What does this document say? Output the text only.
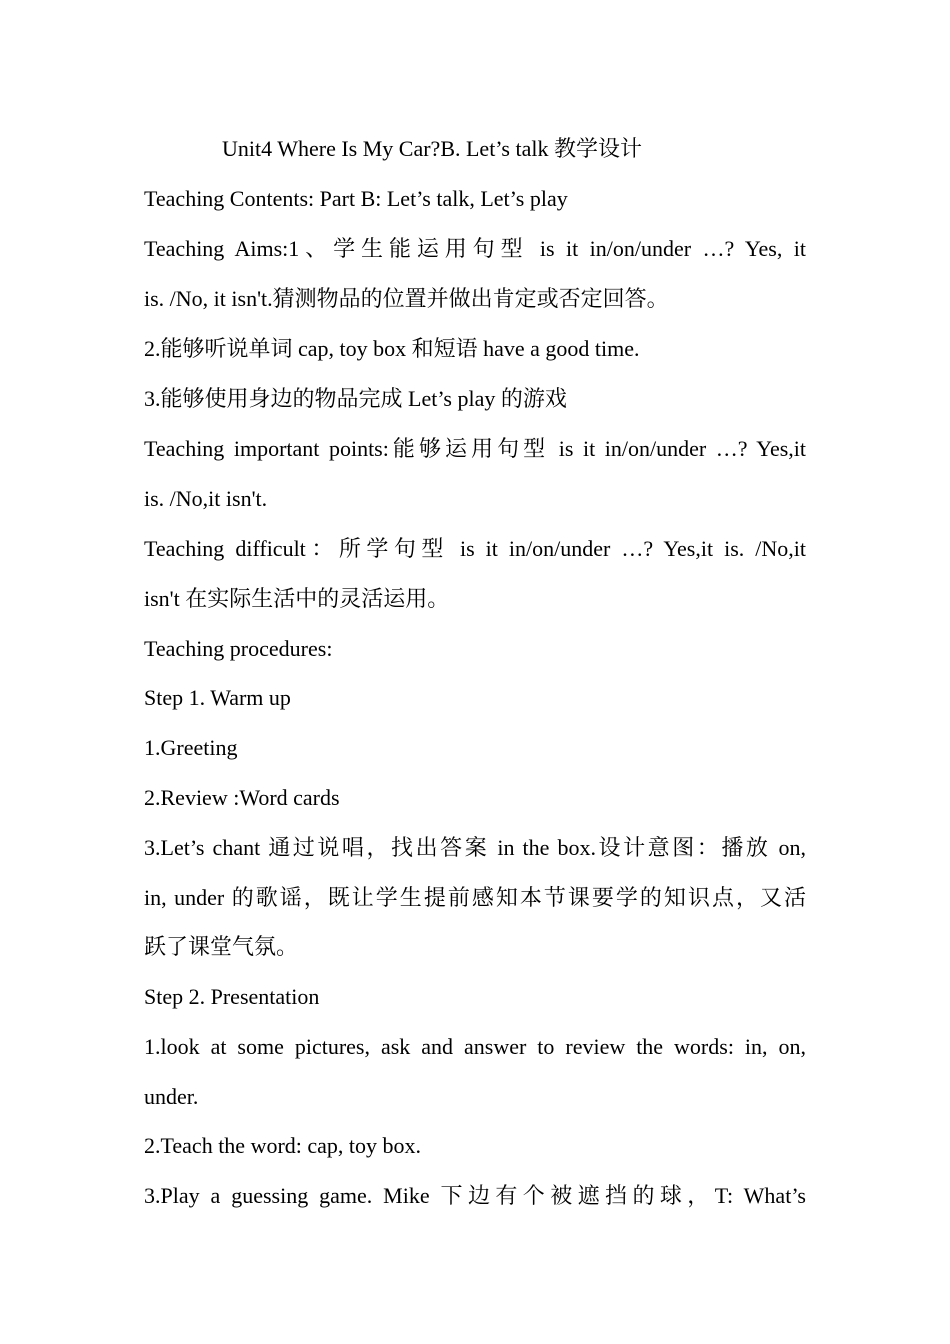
Unit4 Where Is My Car?B. Let’s talk 教学设计
Teaching Contents: Part B: Let’s talk, Let’s play
Teaching Aims:1、学生能运用句型 is it in/on/under …? Yes, it
is. /No, it isn't.猜测物品的位置并做出肯定或否定回答。
2.能够听说单词 cap, toy box 和短语 have a good time.
3.能够使用身边的物品完成 Let’s play 的游戏
Teaching important points:能够运用句型 is it in/on/under …? Yes,it
is. /No,it isn't.
Teaching difficult：所学句型 is it in/on/under …? Yes,it is. /No,it
isn't 在实际生活中的灵活运用。
Teaching procedures:
Step 1. Warm up
1.Greeting
2.Review :Word cards
3.Let’s chant 通过说唱，找出答案 in the box.设计意图：播放 on,
in, under 的歌谣，既让学生提前感知本节课要学的知识点，又活
跃了课堂气氛。
Step 2. Presentation
1.look at some pictures, ask and answer to review the words: in, on,
under.
2.Teach the word: cap, toy box.
3.Play a guessing game. Mike 下边有个被遮挡的球，T: What’s
